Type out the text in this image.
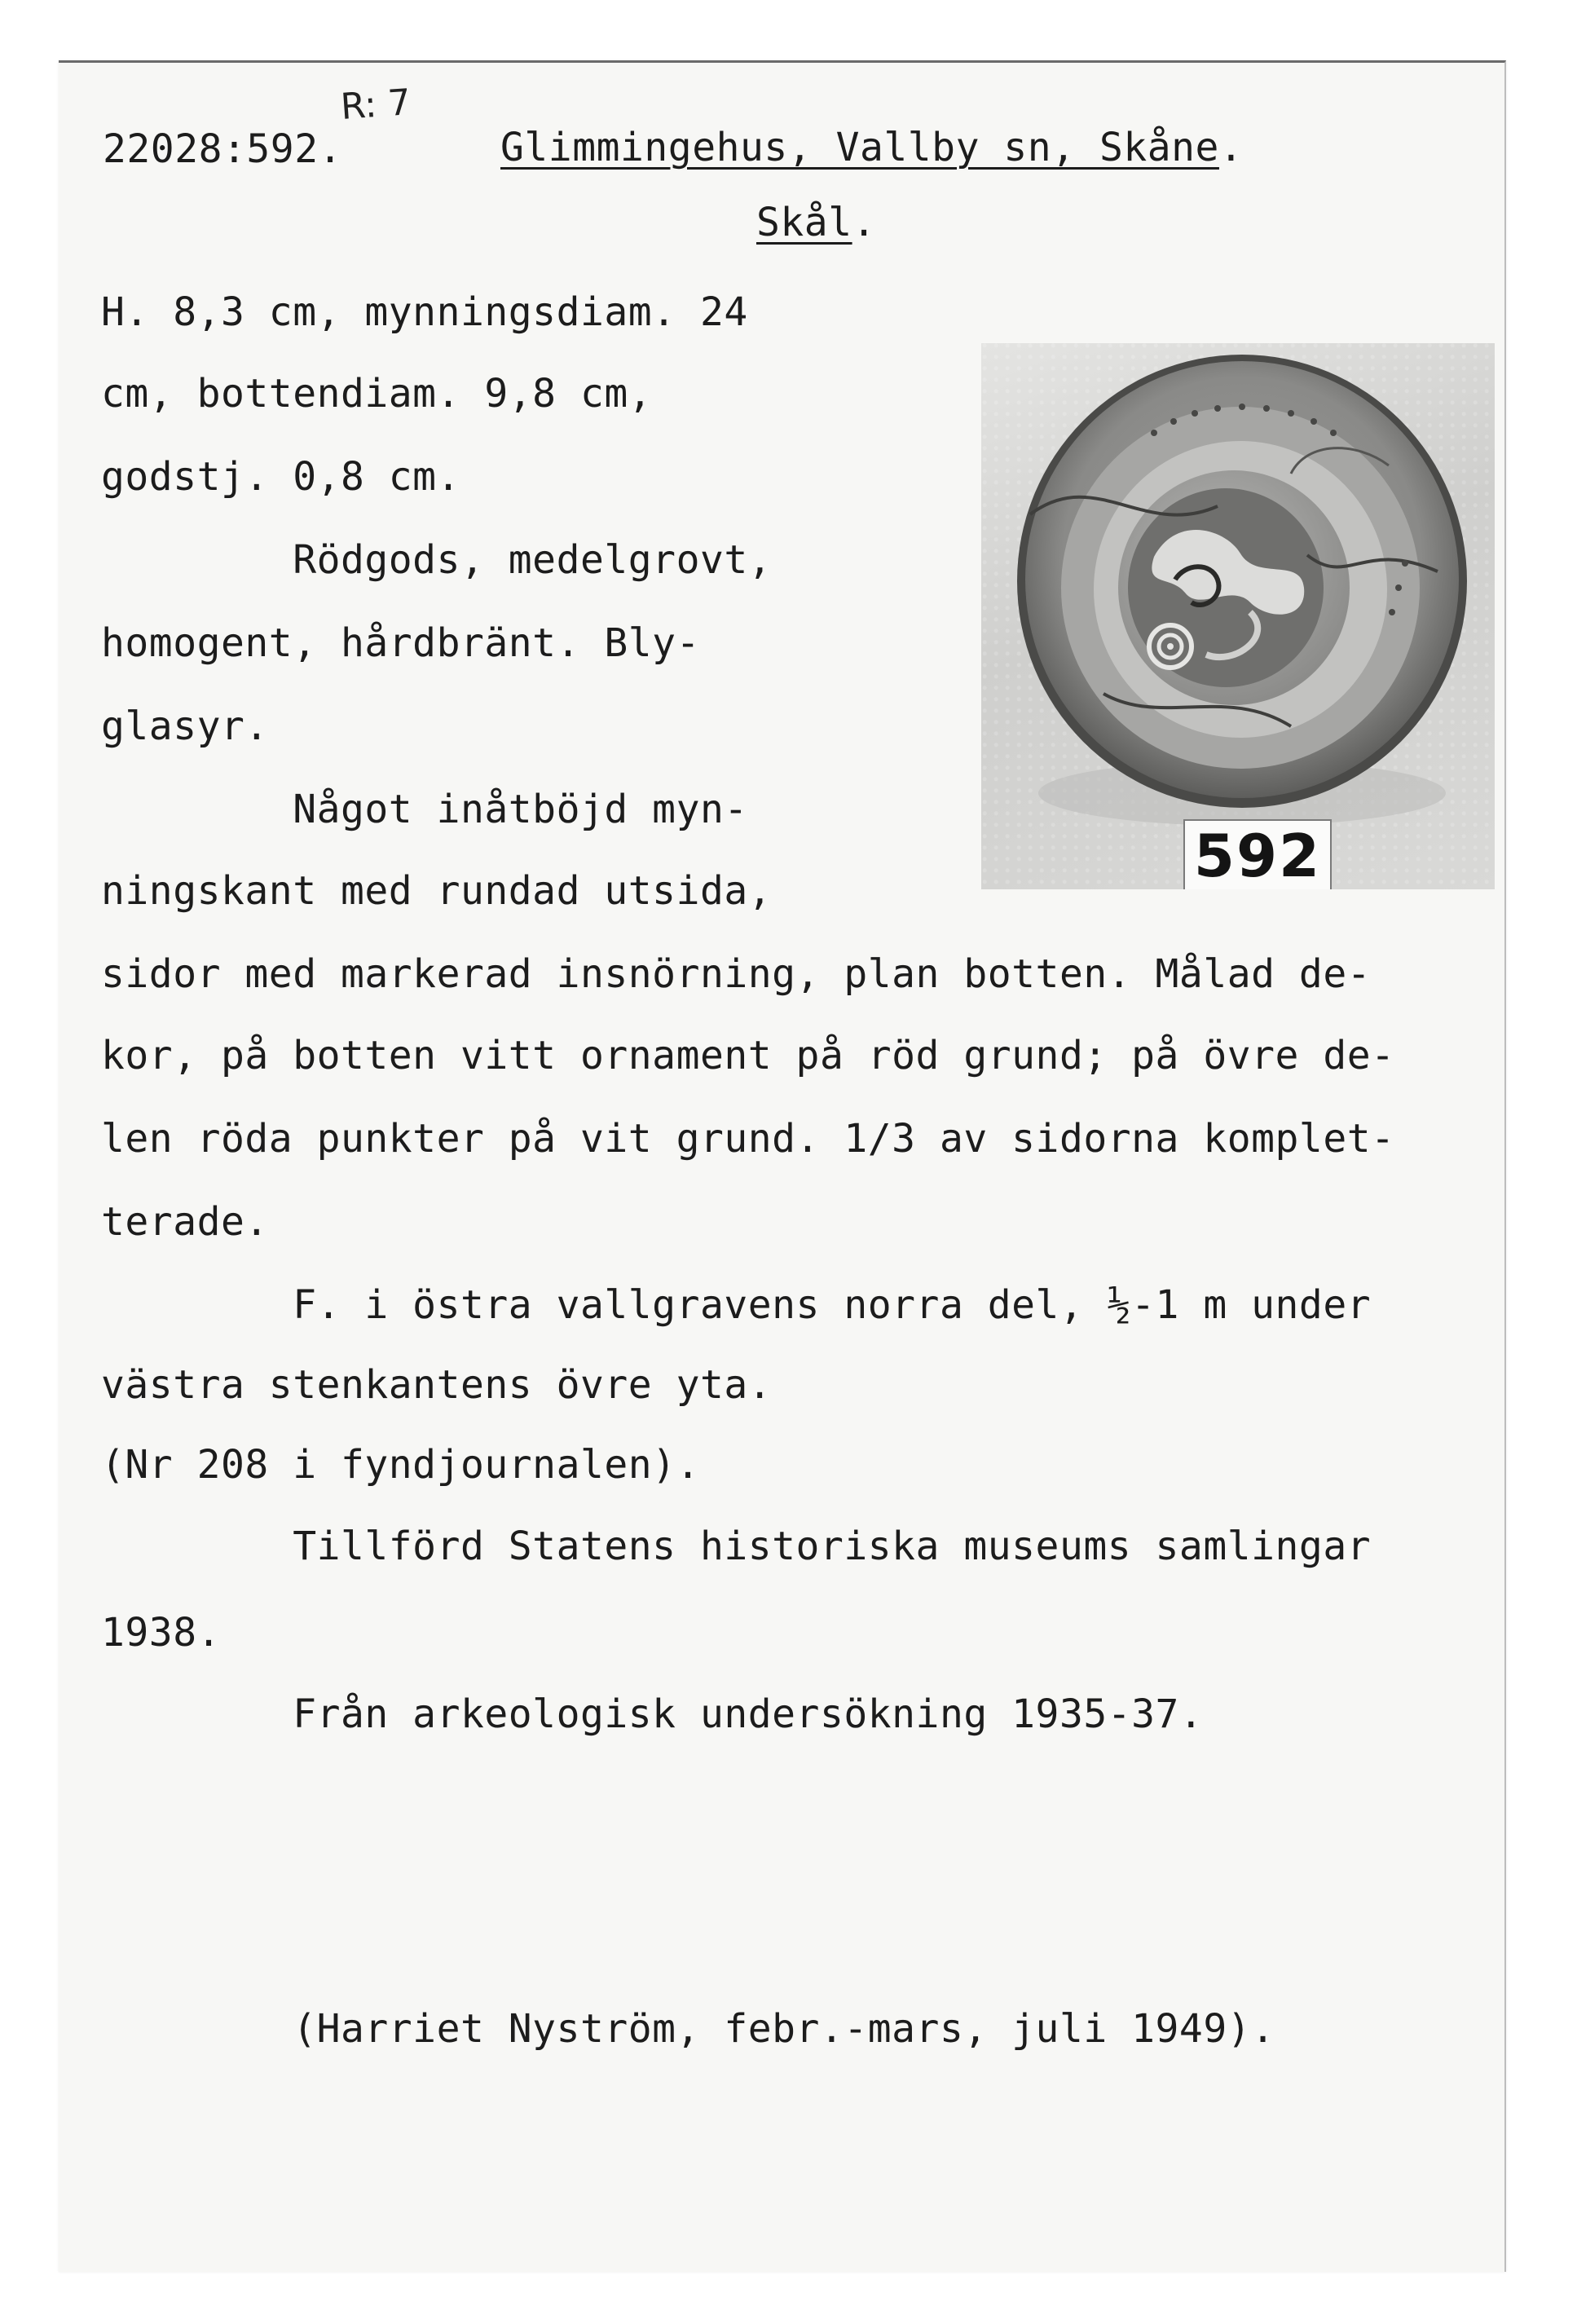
22028:592.
R: 7
Glimmingehus, Vallby sn, Skåne.
Skål.
H. 8,3 cm, mynningsdiam. 24
cm, bottendiam. 9,8 cm,
godstj. 0,8 cm.
Rödgods, medelgrovt,
homogent, hårdbränt. Bly-
glasyr.
Något inåtböjd myn-
ningskant med rundad utsida,
sidor med markerad insnörning, plan botten. Målad de-
kor, på botten vitt ornament på röd grund; på övre de-
len röda punkter på vit grund. 1/3 av sidorna komplet-
terade.
F. i östra vallgravens norra del, ½-1 m under
västra stenkantens övre yta.
(Nr 208 i fyndjournalen).
Tillförd Statens historiska museums samlingar
1938.
Från arkeologisk undersökning 1935-37.
(Harriet Nyström, febr.-mars, juli 1949).
592
